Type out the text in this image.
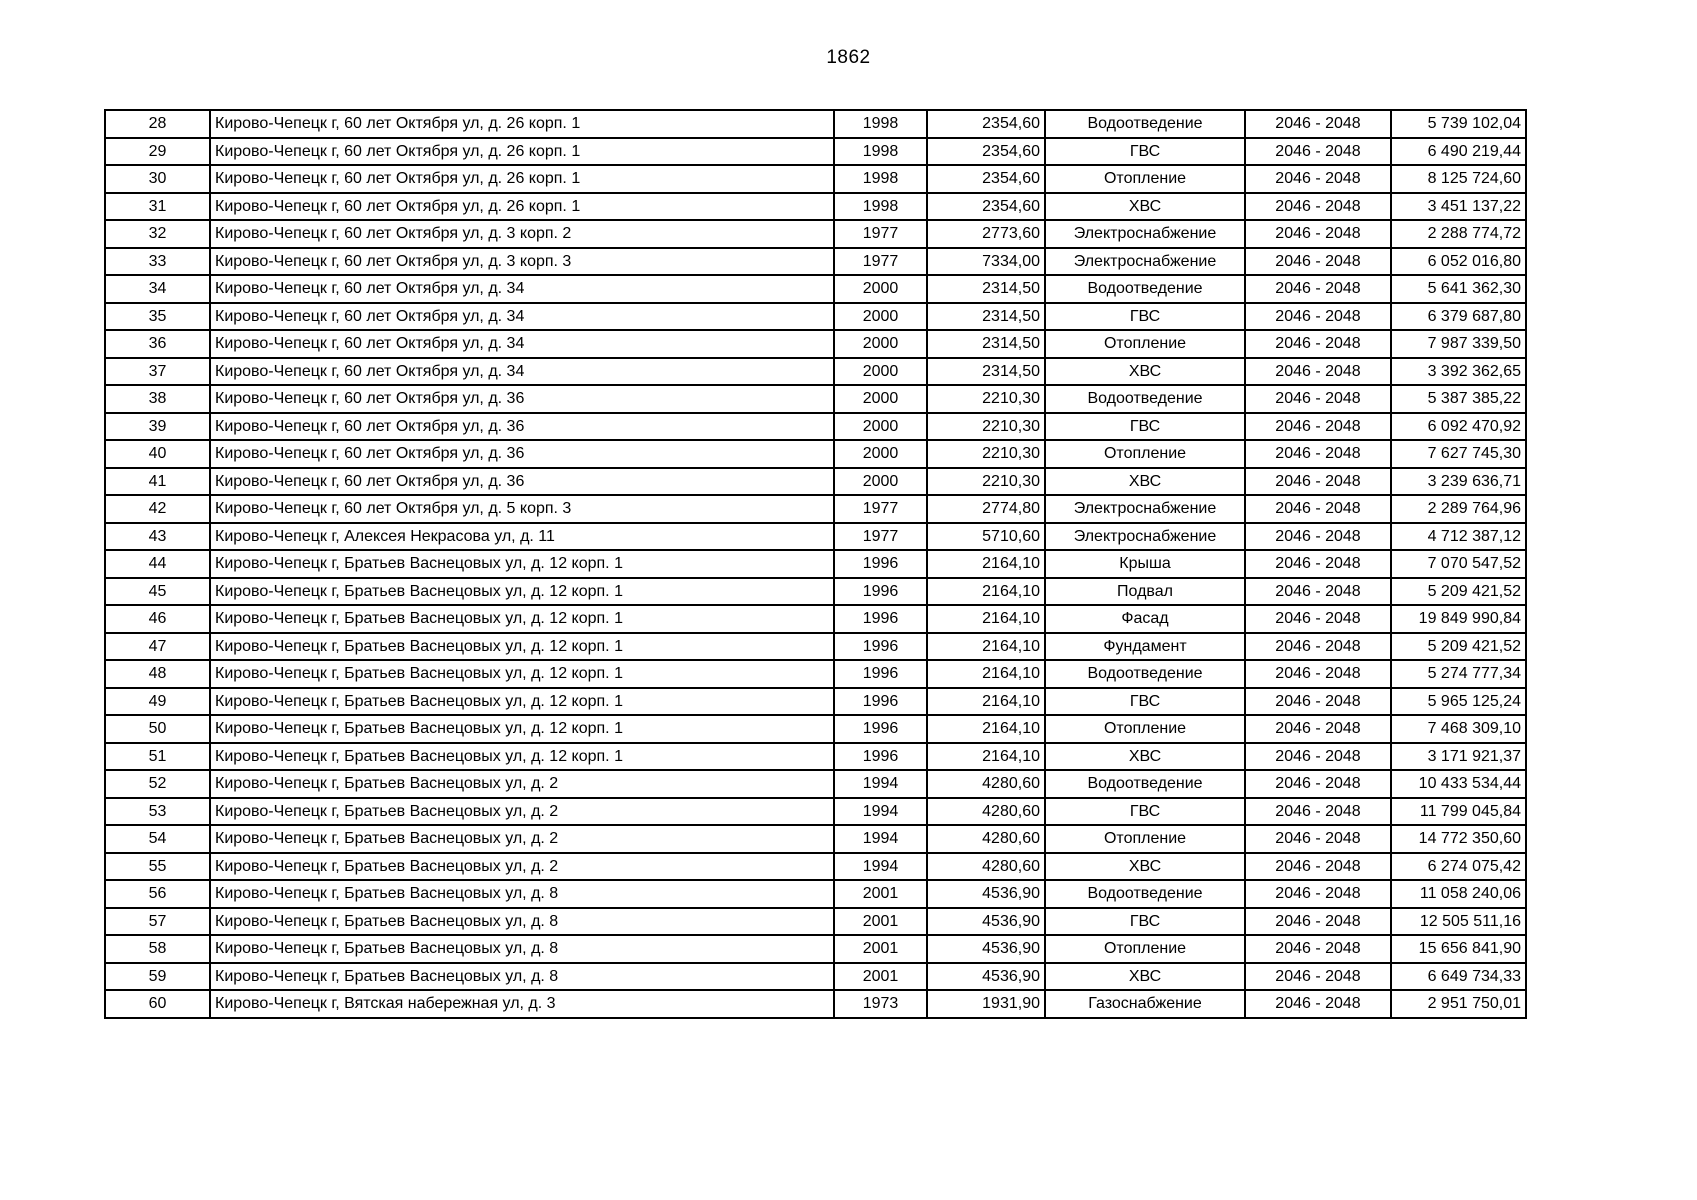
1862
28	Кирово-Чепецк г, 60 лет Октября ул, д. 26 корп. 1	1998	2354,60	Водоотведение	2046 - 2048	5 739 102,04
29	Кирово-Чепецк г, 60 лет Октября ул, д. 26 корп. 1	1998	2354,60	ГВС	2046 - 2048	6 490 219,44
30	Кирово-Чепецк г, 60 лет Октября ул, д. 26 корп. 1	1998	2354,60	Отопление	2046 - 2048	8 125 724,60
31	Кирово-Чепецк г, 60 лет Октября ул, д. 26 корп. 1	1998	2354,60	ХВС	2046 - 2048	3 451 137,22
32	Кирово-Чепецк г, 60 лет Октября ул, д. 3 корп. 2	1977	2773,60	Электроснабжение	2046 - 2048	2 288 774,72
33	Кирово-Чепецк г, 60 лет Октября ул, д. 3 корп. 3	1977	7334,00	Электроснабжение	2046 - 2048	6 052 016,80
34	Кирово-Чепецк г, 60 лет Октября ул, д. 34	2000	2314,50	Водоотведение	2046 - 2048	5 641 362,30
35	Кирово-Чепецк г, 60 лет Октября ул, д. 34	2000	2314,50	ГВС	2046 - 2048	6 379 687,80
36	Кирово-Чепецк г, 60 лет Октября ул, д. 34	2000	2314,50	Отопление	2046 - 2048	7 987 339,50
37	Кирово-Чепецк г, 60 лет Октября ул, д. 34	2000	2314,50	ХВС	2046 - 2048	3 392 362,65
38	Кирово-Чепецк г, 60 лет Октября ул, д. 36	2000	2210,30	Водоотведение	2046 - 2048	5 387 385,22
39	Кирово-Чепецк г, 60 лет Октября ул, д. 36	2000	2210,30	ГВС	2046 - 2048	6 092 470,92
40	Кирово-Чепецк г, 60 лет Октября ул, д. 36	2000	2210,30	Отопление	2046 - 2048	7 627 745,30
41	Кирово-Чепецк г, 60 лет Октября ул, д. 36	2000	2210,30	ХВС	2046 - 2048	3 239 636,71
42	Кирово-Чепецк г, 60 лет Октября ул, д. 5 корп. 3	1977	2774,80	Электроснабжение	2046 - 2048	2 289 764,96
43	Кирово-Чепецк г, Алексея Некрасова ул, д. 11	1977	5710,60	Электроснабжение	2046 - 2048	4 712 387,12
44	Кирово-Чепецк г, Братьев Васнецовых ул, д. 12 корп. 1	1996	2164,10	Крыша	2046 - 2048	7 070 547,52
45	Кирово-Чепецк г, Братьев Васнецовых ул, д. 12 корп. 1	1996	2164,10	Подвал	2046 - 2048	5 209 421,52
46	Кирово-Чепецк г, Братьев Васнецовых ул, д. 12 корп. 1	1996	2164,10	Фасад	2046 - 2048	19 849 990,84
47	Кирово-Чепецк г, Братьев Васнецовых ул, д. 12 корп. 1	1996	2164,10	Фундамент	2046 - 2048	5 209 421,52
48	Кирово-Чепецк г, Братьев Васнецовых ул, д. 12 корп. 1	1996	2164,10	Водоотведение	2046 - 2048	5 274 777,34
49	Кирово-Чепецк г, Братьев Васнецовых ул, д. 12 корп. 1	1996	2164,10	ГВС	2046 - 2048	5 965 125,24
50	Кирово-Чепецк г, Братьев Васнецовых ул, д. 12 корп. 1	1996	2164,10	Отопление	2046 - 2048	7 468 309,10
51	Кирово-Чепецк г, Братьев Васнецовых ул, д. 12 корп. 1	1996	2164,10	ХВС	2046 - 2048	3 171 921,37
52	Кирово-Чепецк г, Братьев Васнецовых ул, д. 2	1994	4280,60	Водоотведение	2046 - 2048	10 433 534,44
53	Кирово-Чепецк г, Братьев Васнецовых ул, д. 2	1994	4280,60	ГВС	2046 - 2048	11 799 045,84
54	Кирово-Чепецк г, Братьев Васнецовых ул, д. 2	1994	4280,60	Отопление	2046 - 2048	14 772 350,60
55	Кирово-Чепецк г, Братьев Васнецовых ул, д. 2	1994	4280,60	ХВС	2046 - 2048	6 274 075,42
56	Кирово-Чепецк г, Братьев Васнецовых ул, д. 8	2001	4536,90	Водоотведение	2046 - 2048	11 058 240,06
57	Кирово-Чепецк г, Братьев Васнецовых ул, д. 8	2001	4536,90	ГВС	2046 - 2048	12 505 511,16
58	Кирово-Чепецк г, Братьев Васнецовых ул, д. 8	2001	4536,90	Отопление	2046 - 2048	15 656 841,90
59	Кирово-Чепецк г, Братьев Васнецовых ул, д. 8	2001	4536,90	ХВС	2046 - 2048	6 649 734,33
60	Кирово-Чепецк г, Вятская набережная ул, д. 3	1973	1931,90	Газоснабжение	2046 - 2048	2 951 750,01
